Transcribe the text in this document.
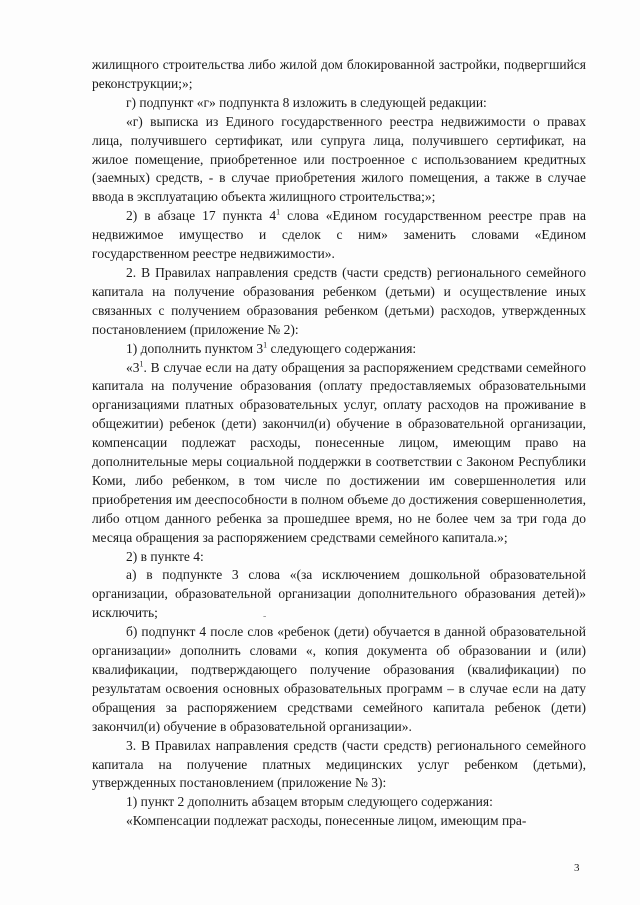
жилищного строительства либо жилой дом блокированной застройки, подвергшийся реконструкции;»;

г) подпункт «г» подпункта 8 изложить в следующей редакции:

«г) выписка из Единого государственного реестра недвижимости о правах лица, получившего сертификат, или супруга лица, получившего сертификат, на жилое помещение, приобретенное или построенное с использованием кредитных (заемных) средств, - в случае приобретения жилого помещения, а также в случае ввода в эксплуатацию объекта жилищного строительства;»;

2) в абзаце 17 пункта $4^1$ слова «Едином государственном реестре прав на недвижимое имущество и сделок с ним» заменить словами «Едином государственном реестре недвижимости».

2. В Правилах направления средств (части средств) регионального семейного капитала на получение образования ребенком (детьми) и осуществление иных связанных с получением образования ребенком (детьми) расходов, утвержденных постановлением (приложение № 2):

1) дополнить пунктом $3^1$ следующего содержания:

«$3^1$. В случае если на дату обращения за распоряжением средствами семейного капитала на получение образования (оплату предоставляемых образовательными организациями платных образовательных услуг, оплату расходов на проживание в общежитии) ребенок (дети) закончил(и) обучение в образовательной организации, компенсации подлежат расходы, понесенные лицом, имеющим право на дополнительные меры социальной поддержки в соответствии с Законом Республики Коми, либо ребенком, в том числе по достижении им совершеннолетия или приобретения им дееспособности в полном объеме до достижения совершеннолетия, либо отцом данного ребенка за прошедшее время, но не более чем за три года до месяца обращения за распоряжением средствами семейного капитала.»;

2) в пункте 4:

а) в подпункте 3 слова «(за исключением дошкольной образовательной организации, образовательной организации дополнительного образования детей)» исключить;

б) подпункт 4 после слов «ребенок (дети) обучается в данной образовательной организации» дополнить словами «, копия документа об образовании и (или) квалификации, подтверждающего получение образования (квалификации) по результатам освоения основных образовательных программ – в случае если на дату обращения за распоряжением средствами семейного капитала ребенок (дети) закончил(и) обучение в образовательной организации».

3. В Правилах направления средств (части средств) регионального семейного капитала на получение платных медицинских услуг ребенком (детьми), утвержденных постановлением (приложение № 3):

1) пункт 2 дополнить абзацем вторым следующего содержания:

«Компенсации подлежат расходы, понесенные лицом, имеющим пра-

-
3
